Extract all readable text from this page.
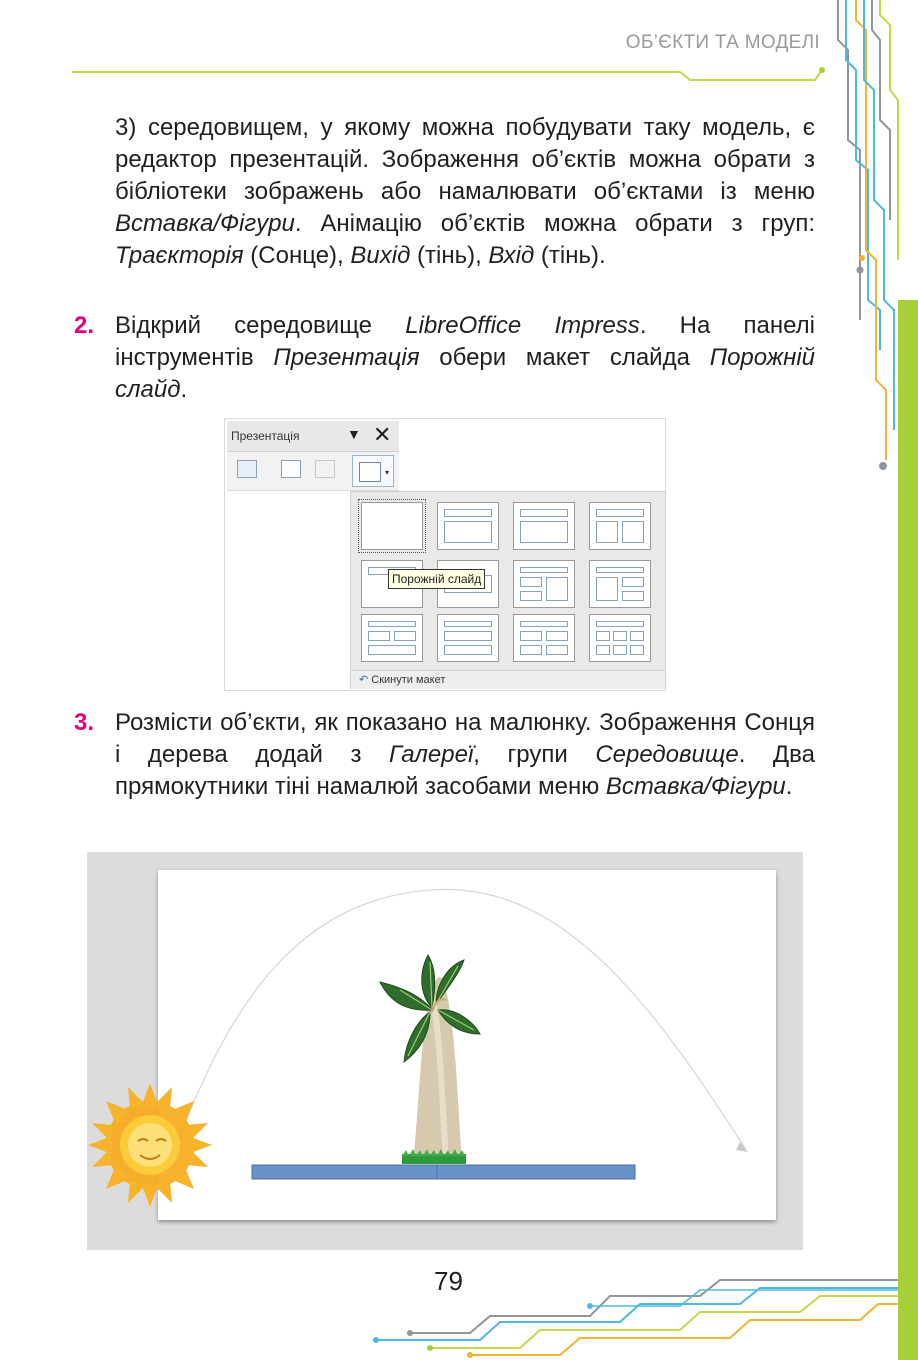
ОБ’ЄКТИ ТА МОДЕЛІ

3) середовищем, у якому можна побудувати таку модель, є редактор презентацій. Зображення об’єктів можна обрати з бібліотеки зображень або намалювати об’єктами із меню Вставка/Фігури. Анімацію об’єктів можна обрати з груп: Траєкторія (Сонце), Вихід (тінь), Вхід (тінь).

2. Відкрий середовище LibreOffice Impress. На панелі інструментів Презентація обери макет слайда Порожній слайд.

Презентація	▼ ✕
▾
↶ Скинути макет
Порожній слайд
3. Розмісти об’єкти, як показано на малюнку. Зображення Сонця і дерева додай з Галереї, групи Середовище. Два прямокутники тіні намалюй засобами меню Вставка/Фігури.

79
